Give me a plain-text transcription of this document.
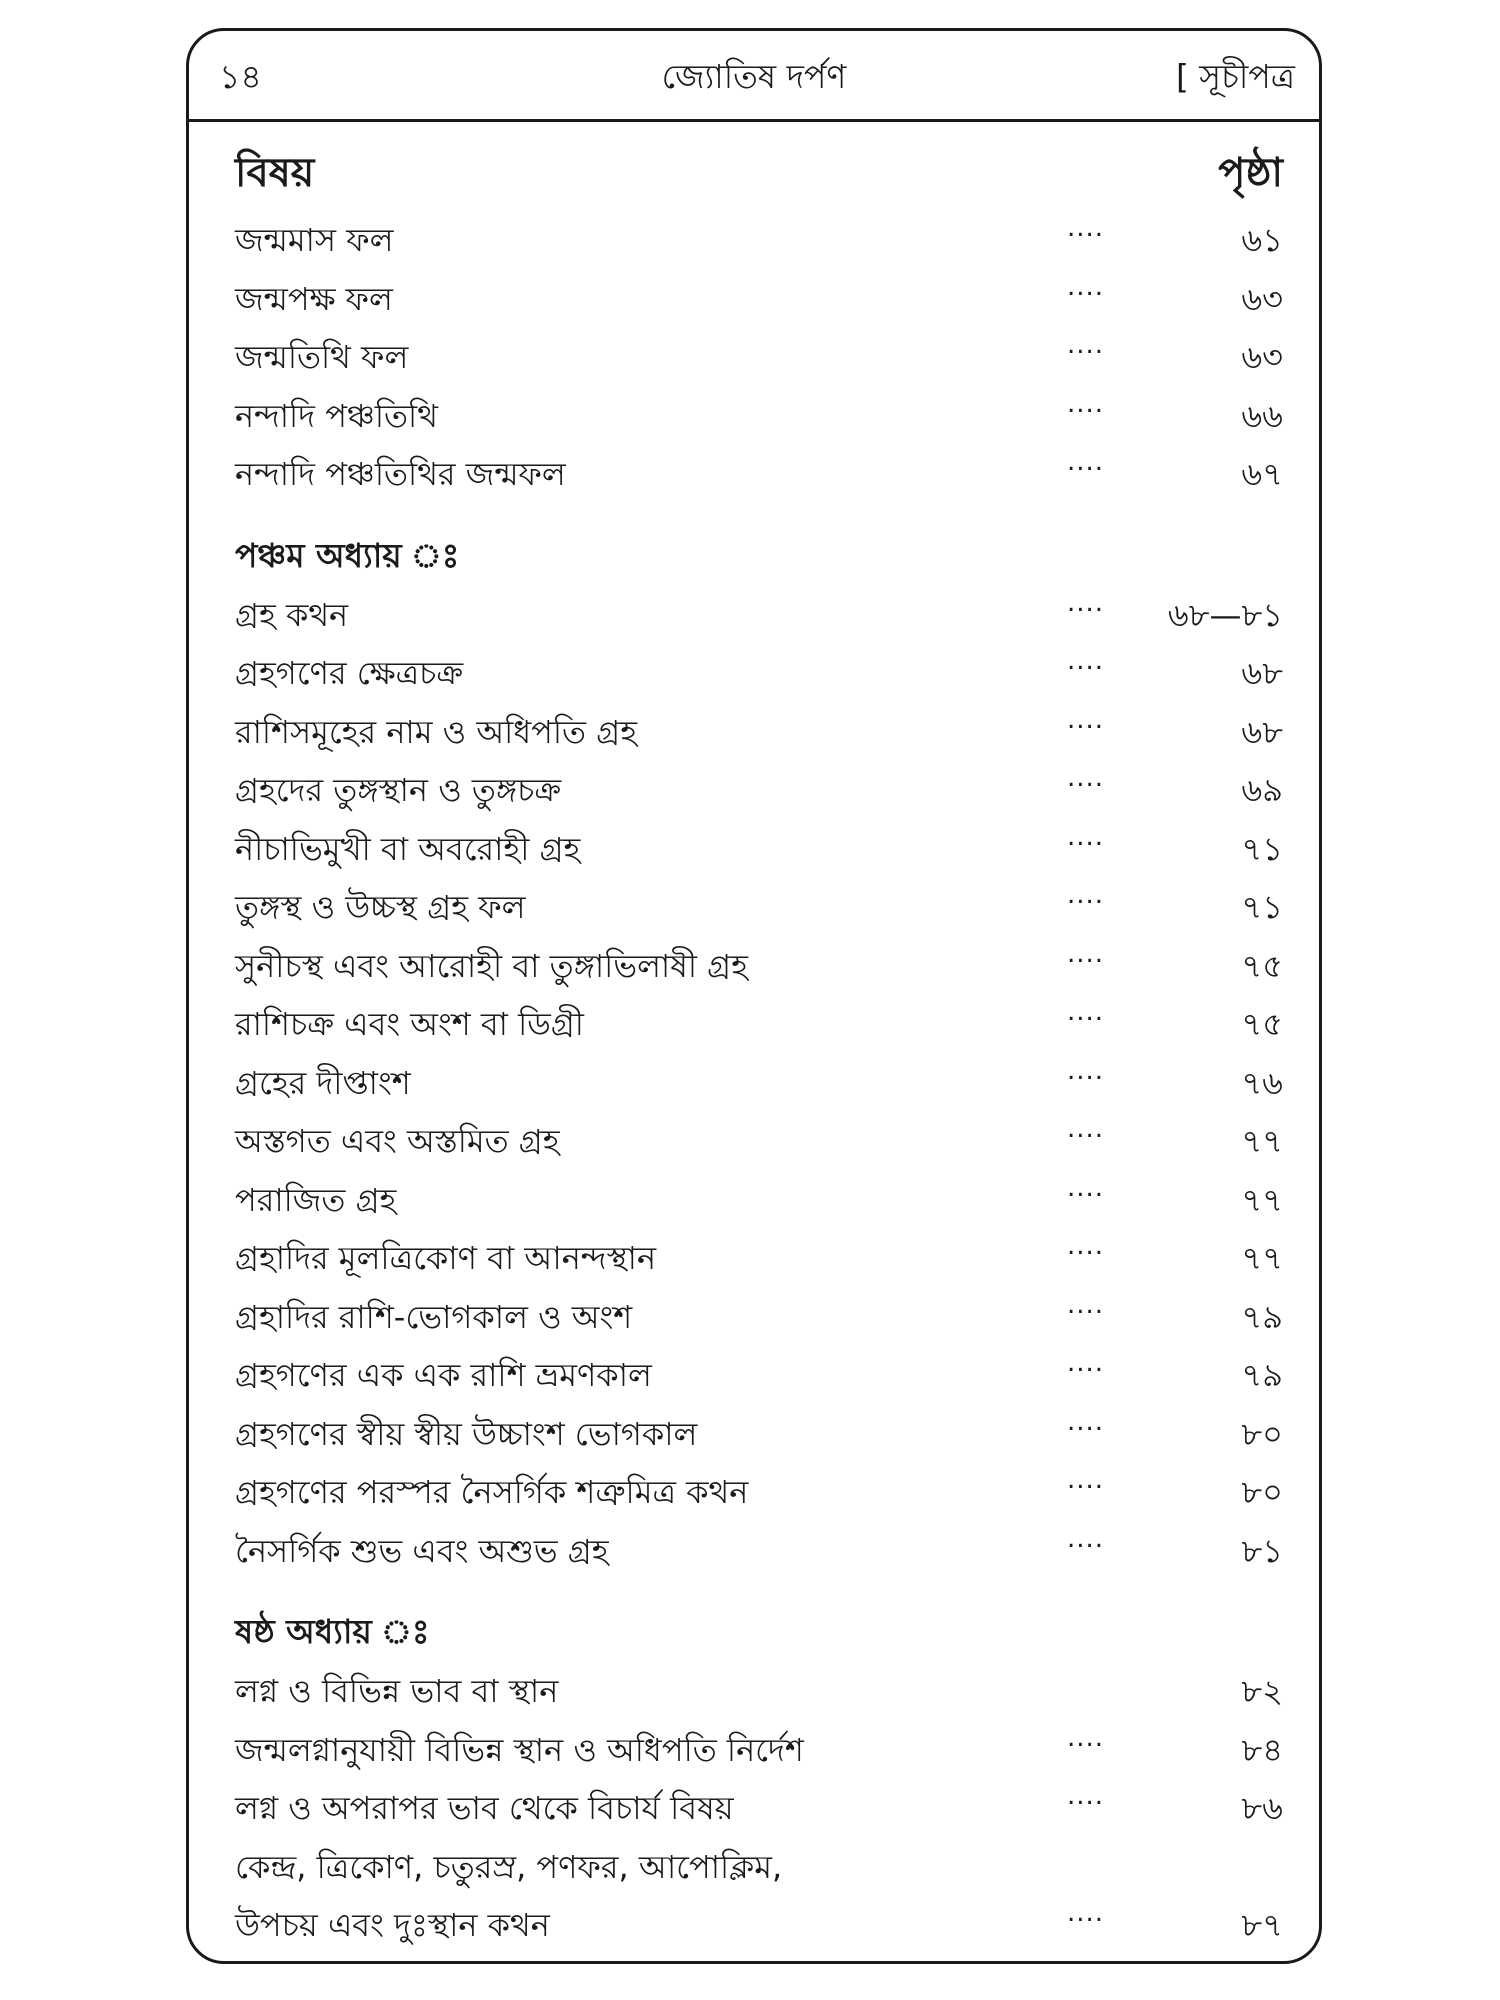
১৪	জ্যোতিষ দর্পণ	[ সূচীপত্র
বিষয়	পৃষ্ঠা
জন্মমাস ফল	....	৬১
জন্মপক্ষ ফল	....	৬৩
জন্মতিথি ফল	....	৬৩
নন্দাদি পঞ্চতিথি	....	৬৬
নন্দাদি পঞ্চতিথির জন্মফল	....	৬৭
পঞ্চম অধ্যায় ঃ
গ্রহ কথন	.... ৬৮—৮১
গ্রহগণের ক্ষেত্রচক্র	....	৬৮
রাশিসমূহের নাম ও অধিপতি গ্রহ	....	৬৮
গ্রহদের তুঙ্গস্থান ও তুঙ্গচক্র	....	৬৯
নীচাভিমুখী বা অবরোহী গ্রহ	....	৭১
তুঙ্গস্থ ও উচ্চস্থ গ্রহ ফল	....	৭১
সুনীচস্থ এবং আরোহী বা তুঙ্গাভিলাষী গ্রহ	....	৭৫
রাশিচক্র এবং অংশ বা ডিগ্রী	....	৭৫
গ্রহের দীপ্তাংশ	....	৭৬
অস্তগত এবং অস্তমিত গ্রহ	....	৭৭
পরাজিত গ্রহ	....	৭৭
গ্রহাদির মূলত্রিকোণ বা আনন্দস্থান	....	৭৭
গ্রহাদির রাশি-ভোগকাল ও অংশ	....	৭৯
গ্রহগণের এক এক রাশি ভ্রমণকাল	....	৭৯
গ্রহগণের স্বীয় স্বীয় উচ্চাংশ ভোগকাল	....	৮০
গ্রহগণের পরস্পর নৈসর্গিক শত্রুমিত্র কথন	....	৮০
নৈসর্গিক শুভ এবং অশুভ গ্রহ	....	৮১
ষষ্ঠ অধ্যায় ঃ
লগ্ন ও বিভিন্ন ভাব বা স্থান	৮২
জন্মলগ্নানুযায়ী বিভিন্ন স্থান ও অধিপতি নির্দেশ	....	৮৪
লগ্ন ও অপরাপর ভাব থেকে বিচার্য বিষয়	....	৮৬
কেন্দ্র, ত্রিকোণ, চতুরস্র, পণফর, আপোক্লিম,
উপচয় এবং দুঃস্থান কথন	....	৮৭
